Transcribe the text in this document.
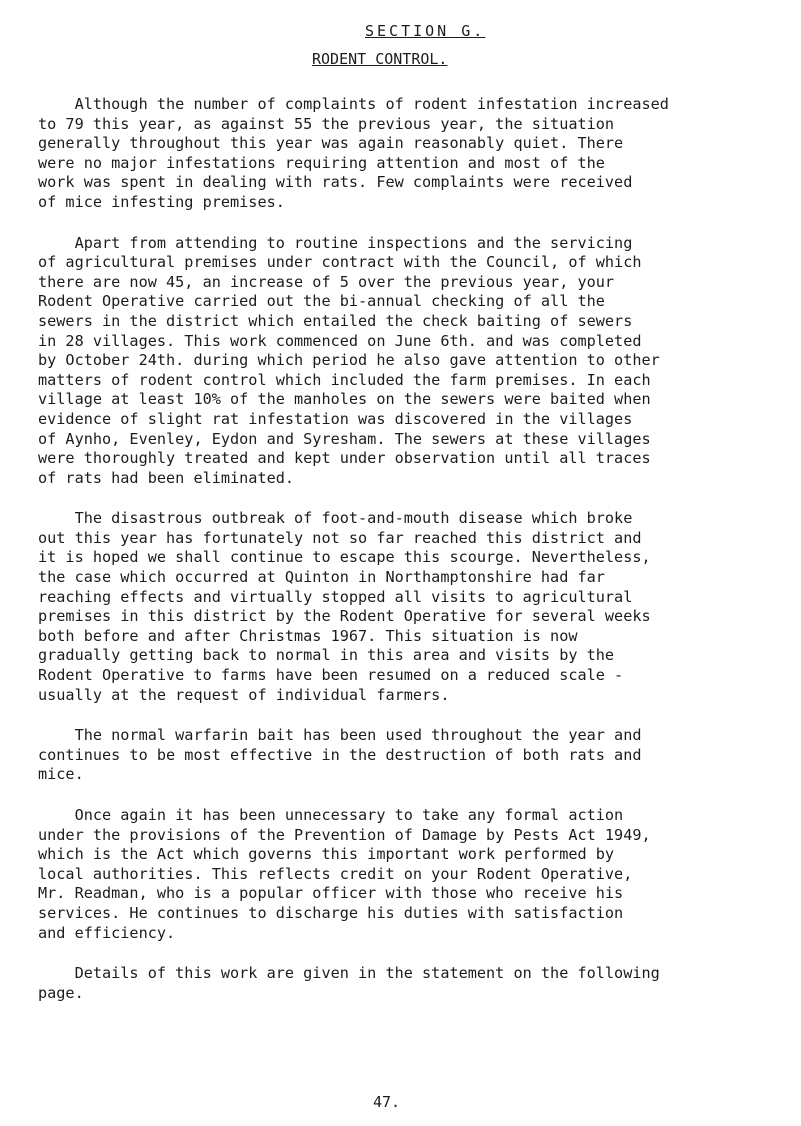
SECTION G.
RODENT CONTROL.
Although the number of complaints of rodent infestation increased
to 79 this year, as against 55 the previous year, the situation
generally throughout this year was again reasonably quiet. There
were no major infestations requiring attention and most of the
work was spent in dealing with rats. Few complaints were received
of mice infesting premises.
Apart from attending to routine inspections and the servicing
of agricultural premises under contract with the Council, of which
there are now 45, an increase of 5 over the previous year, your
Rodent Operative carried out the bi-annual checking of all the
sewers in the district which entailed the check baiting of sewers
in 28 villages. This work commenced on June 6th. and was completed
by October 24th. during which period he also gave attention to other
matters of rodent control which included the farm premises. In each
village at least 10% of the manholes on the sewers were baited when
evidence of slight rat infestation was discovered in the villages
of Aynho, Evenley, Eydon and Syresham. The sewers at these villages
were thoroughly treated and kept under observation until all traces
of rats had been eliminated.
The disastrous outbreak of foot-and-mouth disease which broke
out this year has fortunately not so far reached this district and
it is hoped we shall continue to escape this scourge. Nevertheless,
the case which occurred at Quinton in Northamptonshire had far
reaching effects and virtually stopped all visits to agricultural
premises in this district by the Rodent Operative for several weeks
both before and after Christmas 1967. This situation is now
gradually getting back to normal in this area and visits by the
Rodent Operative to farms have been resumed on a reduced scale -
usually at the request of individual farmers.
The normal warfarin bait has been used throughout the year and
continues to be most effective in the destruction of both rats and
mice.
Once again it has been unnecessary to take any formal action
under the provisions of the Prevention of Damage by Pests Act 1949,
which is the Act which governs this important work performed by
local authorities. This reflects credit on your Rodent Operative,
Mr. Readman, who is a popular officer with those who receive his
services. He continues to discharge his duties with satisfaction
and efficiency.
Details of this work are given in the statement on the following
page.
47.
